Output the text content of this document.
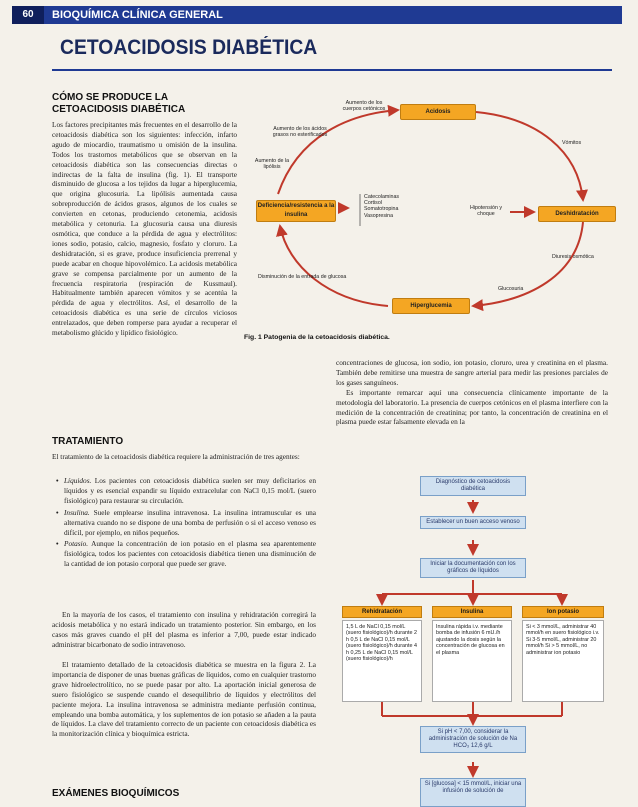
60	BIOQUÍMICA CLÍNICA GENERAL
CETOACIDOSIS DIABÉTICA
CÓMO SE PRODUCE LA
CETOACIDOSIS DIABÉTICA
Los factores precipitantes más frecuentes en el desarrollo de la cetoacidosis diabética son los siguientes: infección, infarto agudo de miocardio, traumatismo u omisión de la insulina. Todos los trastornos metabólicos que se observan en la cetoacidosis diabética son las consecuencias directas o indirectas de la falta de insulina (fig. 1). El transporte disminuido de glucosa a los tejidos da lugar a hiperglucemia, que origina glucosuria. La lipólisis aumentada causa sobreproducción de ácidos grasos, algunos de los cuales se convierten en cetonas, produciendo cetonemia, acidosis metabólica y cetonuria. La glucosuria causa una diuresis osmótica, que conduce a la pérdida de agua y electrólitos: iones sodio, potasio, calcio, magnesio, fosfato y cloruro. La deshidratación, si es grave, produce insuficiencia prerrenal y puede acabar en choque hipovolémico. La acidosis metabólica grave se compensa parcialmente por un aumento de la frecuencia respiratoria (respiración de Kussmaul). Habitualmente también aparecen vómitos y se acentúa la pérdida de agua y electrólitos. Así, el desarrollo de la cetoacidosis diabética es una serie de círculos viciosos entrelazados, que deben romperse para ayudar a recuperar el metabolismo glúcido y lipídico fisiológico.
Acidosis
Deficiencia/resistencia a la insulina	Deshidratación
Hiperglucemia
Aumento de los cuerpos cetónicos
Aumento de los ácidos grasos no esterificados
Aumento de la lipólisis
Vómitos
Catecolaminas
Cortisol
Somatotropina
Vasopresina
Hipotensión y choque
Diuresis osmótica
Glucosuria
Disminución de la entrada de glucosa
Fig. 1 Patogenia de la cetoacidosis diabética.
concentraciones de glucosa, ion sodio, ion potasio, cloruro, urea y creatinina en el plasma. También debe remitirse una muestra de sangre arterial para medir las presiones parciales de los gases sanguíneos.
Es importante remarcar aquí una consecuencia clínicamente importante de la metodología del laboratorio. La presencia de cuerpos cetónicos en el plasma interfiere con la medición de la concentración de creatinina; por tanto, la concentración de creatinina en el plasma puede estar falsamente elevada en la
TRATAMIENTO
El tratamiento de la cetoacidosis diabética requiere la administración de tres agentes:
• Líquidos. Los pacientes con cetoacidosis diabética suelen ser muy deficitarios en líquidos y es esencial expandir su líquido extracelular con NaCl 0,15 mol/L (suero fisiológico) para restaurar su circulación.
• Insulina. Suele emplearse insulina intravenosa. La insulina intramuscular es una alternativa cuando no se dispone de una bomba de perfusión o si el acceso venoso es difícil, por ejemplo, en niños pequeños.
• Potasio. Aunque la concentración de ion potasio en el plasma sea aparentemente fisiológica, todos los pacientes con cetoacidosis diabética tienen una disminución de la cantidad de ion potasio corporal que puede ser grave.
En la mayoría de los casos, el tratamiento con insulina y rehidratación corregirá la acidosis metabólica y no estará indicado un tratamiento posterior. Sin embargo, en los casos más graves cuando el pH del plasma es inferior a 7,00, puede estar indicado administrar bicarbonato de sodio intravenoso.
El tratamiento detallado de la cetoacidosis diabética se muestra en la figura 2. La importancia de disponer de unas buenas gráficas de líquidos, como en cualquier trastorno grave hidroelectrolítico, no se puede pasar por alto. La aportación inicial generosa de suero fisiológico se suspende cuando el desequilibrio de líquidos y electrólitos del paciente mejora. La insulina intravenosa se administra mediante perfusión continua, empleando una bomba automática, y los suplementos de ion potasio se añaden a la pauta de líquidos. La clave del tratamiento correcto de un paciente con cetoacidosis diabética es la monitorización clínica y bioquímica estricta.
EXÁMENES BIOQUÍMICOS
Diagnóstico de cetoacidosis diabética
Establecer un buen acceso venoso
Iniciar la documentación con los gráficos de líquidos
Rehidratación	Insulina	Ion potasio
1,5 L de NaCl 0,15 mol/L (suero fisiológico)/h durante 2 h 0,5 L de NaCl 0,15 mol/L (suero fisiológico)/h durante 4 h 0,25 L de NaCl 0,15 mol/L (suero fisiológico)/h
Insulina rápida i.v. mediante bomba de infusión 6 mU./h ajustando la dosis según la concentración de glucosa en el plasma
Si < 3 mmol/L, administrar 40 mmol/h en suero fisiológico i.v. Si 3-5 mmol/L, administrar 20 mmol/h Si > 5 mmol/L, no administrar ion potasio
Si pH < 7,00, considerar la administración de solución de Na HCO₃ 12,6 g/L
Si [glucosa] < 15 mmol/L, iniciar una infusión de solución de
